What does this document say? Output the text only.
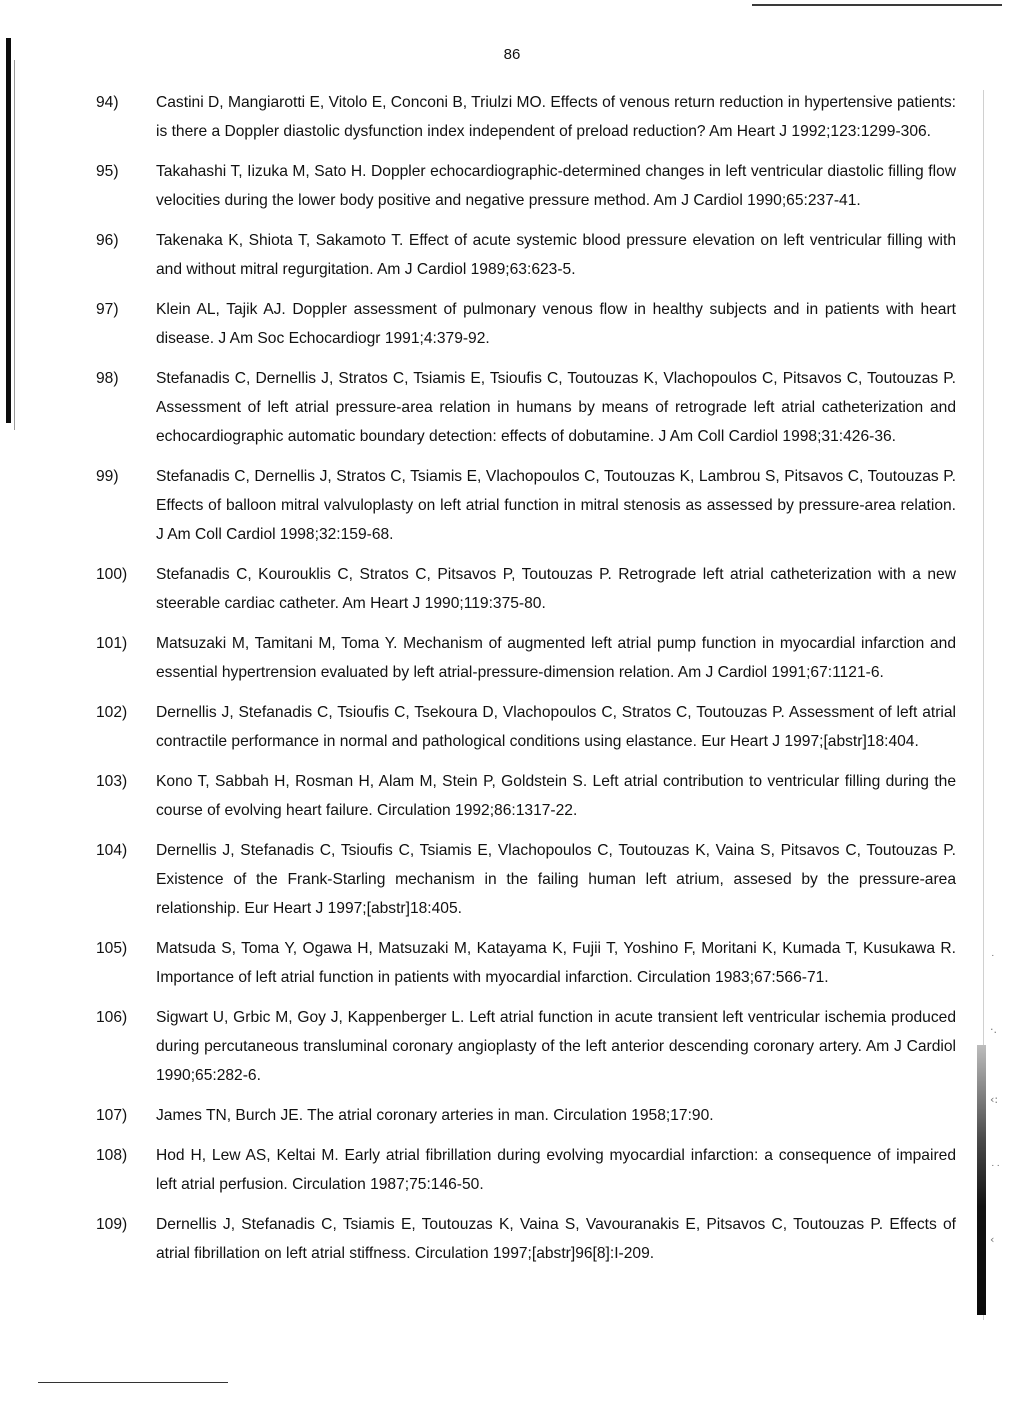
˙
·.
‹:
˙˙
‹
86
94)	Castini D, Mangiarotti E, Vitolo E, Conconi B, Triulzi MO. Effects of venous return reduction in hypertensive patients: is there a Doppler diastolic dysfunction index independent of preload reduction? Am Heart J 1992;123:1299-306.
95)	Takahashi T, Iizuka M, Sato H. Doppler echocardiographic-determined changes in left ventricular diastolic filling flow velocities during the lower body positive and negative pressure method. Am J Cardiol 1990;65:237-41.
96)	Takenaka K, Shiota T, Sakamoto T. Effect of acute systemic blood pressure elevation on left ventricular filling with and without mitral regurgitation. Am J Cardiol 1989;63:623-5.
97)	Klein AL, Tajik AJ. Doppler assessment of pulmonary venous flow in healthy subjects and in patients with heart disease. J Am Soc Echocardiogr 1991;4:379-92.
98)	Stefanadis C, Dernellis J, Stratos C, Tsiamis E, Tsioufis C, Toutouzas K, Vlachopoulos C, Pitsavos C, Toutouzas P. Assessment of left atrial pressure-area relation in humans by means of retrograde left atrial catheterization and echocardiographic automatic boundary detection: effects of dobutamine. J Am Coll Cardiol 1998;31:426-36.
99)	Stefanadis C, Dernellis J, Stratos C, Tsiamis E, Vlachopoulos C, Toutouzas K, Lambrou S, Pitsavos C, Toutouzas P. Effects of balloon mitral valvuloplasty on left atrial function in mitral stenosis as assessed by pressure-area relation. J Am Coll Cardiol 1998;32:159-68.
100)	Stefanadis C, Kourouklis C, Stratos C, Pitsavos P, Toutouzas P. Retrograde left atrial catheterization with a new steerable cardiac catheter. Am Heart J 1990;119:375-80.
101)	Matsuzaki M, Tamitani M, Toma Y. Mechanism of augmented left atrial pump function in myocardial infarction and essential hypertrension evaluated by left atrial-pressure-dimension relation. Am J Cardiol 1991;67:1121-6.
102)	Dernellis J, Stefanadis C, Tsioufis C, Tsekoura D, Vlachopoulos C, Stratos C, Toutouzas P. Assessment of left atrial contractile performance in normal and pathological conditions using elastance. Eur Heart J 1997;[abstr]18:404.
103)	Kono T, Sabbah H, Rosman H, Alam M, Stein P, Goldstein S. Left atrial contribution to ventricular filling during the course of evolving heart failure. Circulation 1992;86:1317-22.
104)	Dernellis J, Stefanadis C, Tsioufis C, Tsiamis E, Vlachopoulos C, Toutouzas K, Vaina S, Pitsavos C, Toutouzas P. Existence of the Frank-Starling mechanism in the failing human left atrium, assesed by the pressure-area relationship. Eur Heart J 1997;[abstr]18:405.
105)	Matsuda S, Toma Y, Ogawa H, Matsuzaki M, Katayama K, Fujii T, Yoshino F, Moritani K, Kumada T, Kusukawa R. Importance of left atrial function in patients with myocardial infarction. Circulation 1983;67:566-71.
106)	Sigwart U, Grbic M, Goy J, Kappenberger L. Left atrial function in acute transient left ventricular ischemia produced during percutaneous transluminal coronary angioplasty of the left anterior descending coronary artery. Am J Cardiol 1990;65:282-6.
107)	James TN, Burch JE. The atrial coronary arteries in man. Circulation 1958;17:90.
108)	Hod H, Lew AS, Keltai M. Early atrial fibrillation during evolving myocardial infarction: a consequence of impaired left atrial perfusion. Circulation 1987;75:146-50.
109)	Dernellis J, Stefanadis C, Tsiamis E, Toutouzas K, Vaina S, Vavouranakis E, Pitsavos C, Toutouzas P. Effects of atrial fibrillation on left atrial stiffness. Circulation 1997;[abstr]96[8]:I-209.
